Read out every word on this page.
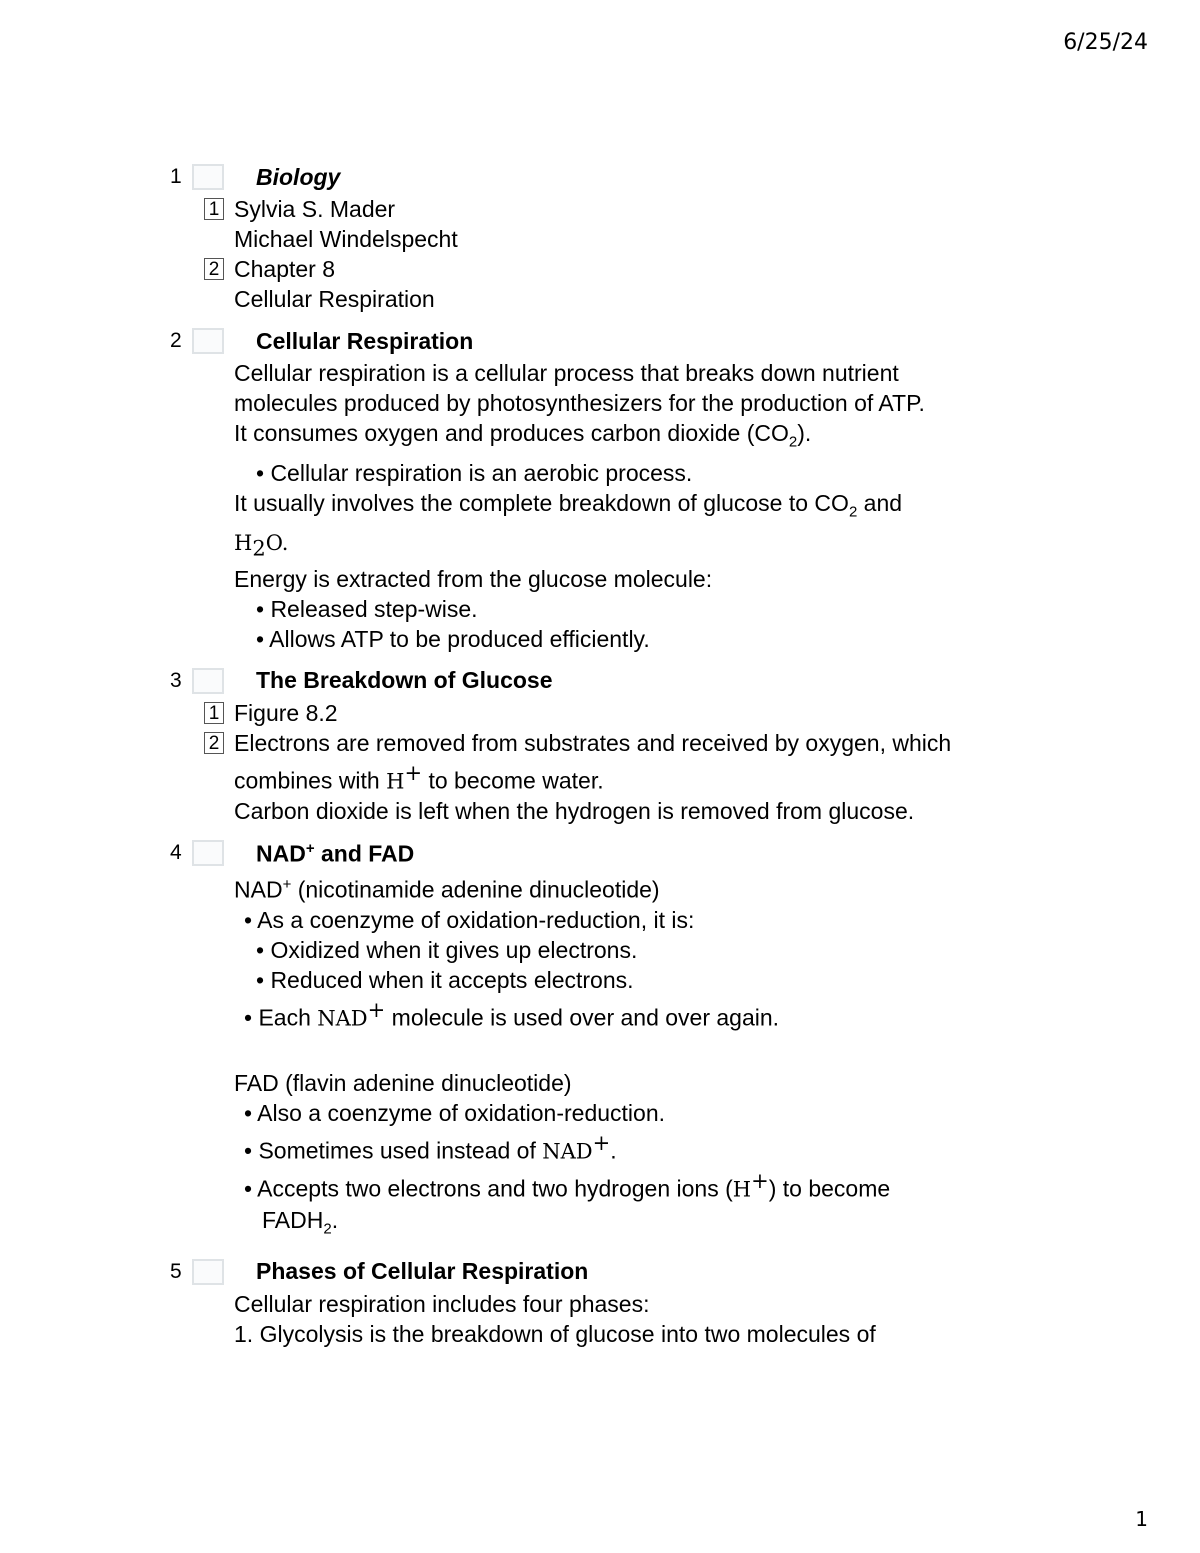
6/25/24
1	Biology
1 Sylvia S. Mader
Michael Windelspecht
2 Chapter 8
Cellular Respiration
2	Cellular Respiration
Cellular respiration is a cellular process that breaks down nutrient
molecules produced by photosynthesizers for the production of ATP.
It consumes oxygen and produces carbon dioxide $(CO_2)$.
• Cellular respiration is an aerobic process.
It usually involves the complete breakdown of glucose to $CO_2$ and
$H_2O$.
Energy is extracted from the glucose molecule:
• Released step-wise.
• Allows ATP to be produced efficiently.
3	The Breakdown of Glucose
1 Figure 8.2
2 Electrons are removed from substrates and received by oxygen, which
combines with H+ to become water.
Carbon dioxide is left when the hydrogen is removed from glucose.
4	NAD+ and FAD
NAD+ (nicotinamide adenine dinucleotide)
• As a coenzyme of oxidation-reduction, it is:
• Oxidized when it gives up electrons.
• Reduced when it accepts electrons.
• Each NAD+ molecule is used over and over again.
FAD (flavin adenine dinucleotide)
• Also a coenzyme of oxidation-reduction.
• Sometimes used instead of NAD+.
• Accepts two electrons and two hydrogen ions (H+) to become
$FADH_2$.
5	Phases of Cellular Respiration
Cellular respiration includes four phases:
1. Glycolysis is the breakdown of glucose into two molecules of
1
